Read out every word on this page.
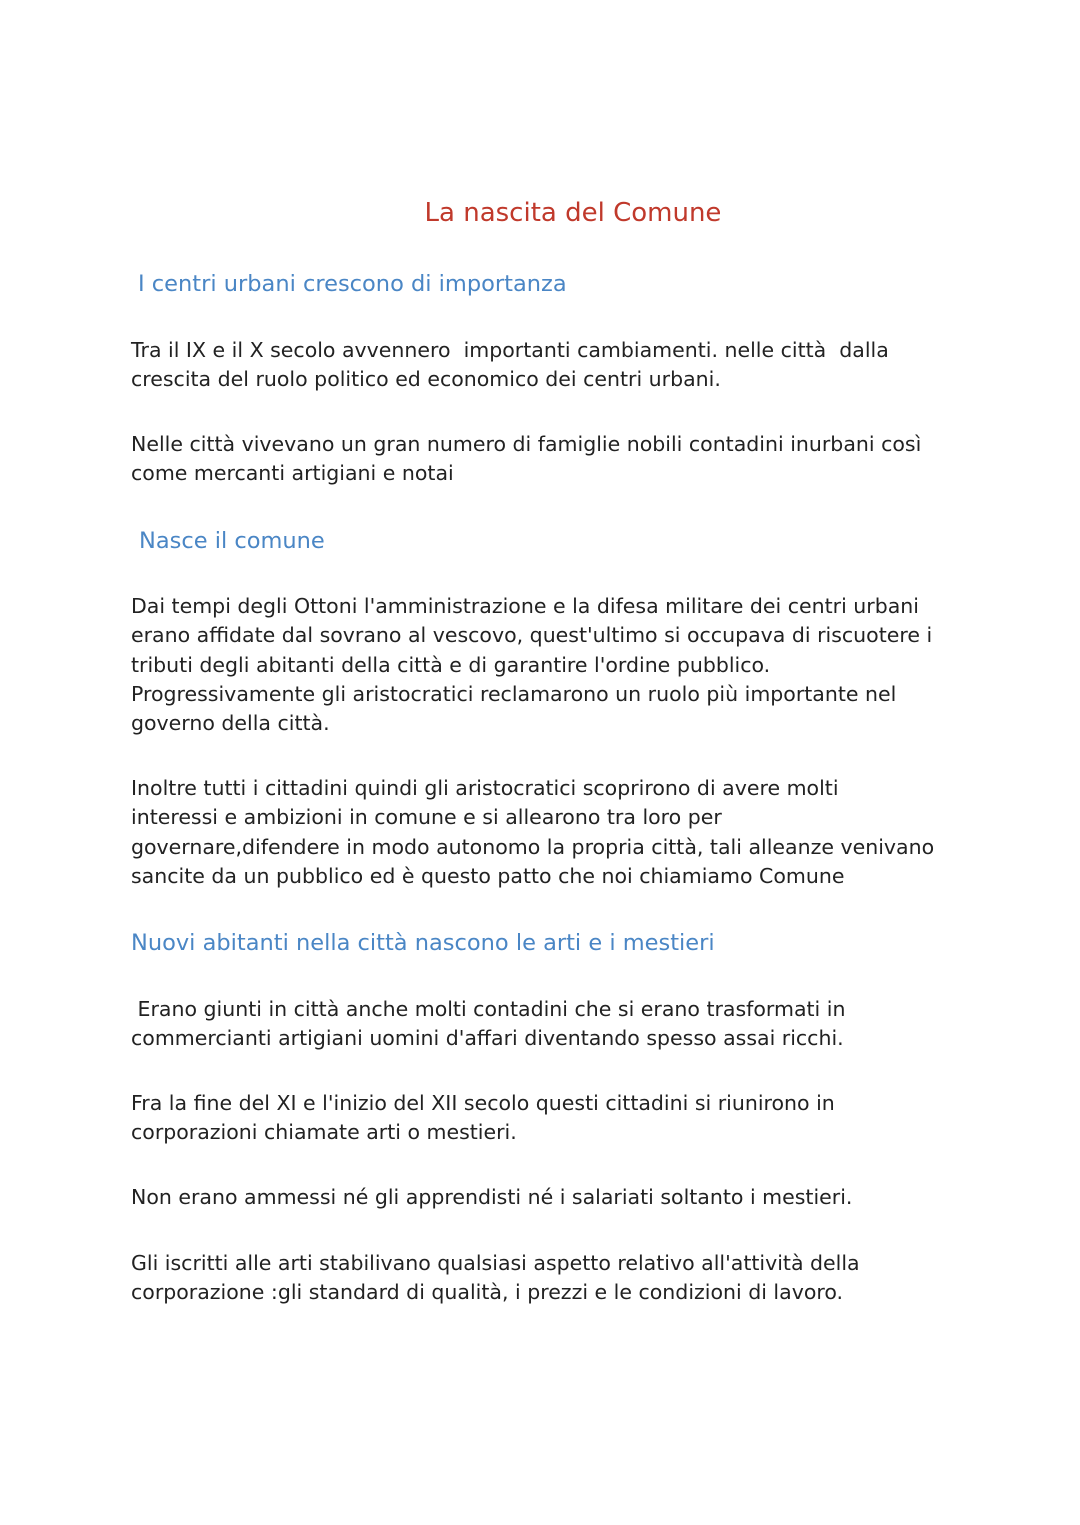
La nascita del Comune
I centri urbani crescono di importanza

Tra il IX e il X secolo avvennero  importanti cambiamenti. nelle città  dalla
crescita del ruolo politico ed economico dei centri urbani.

Nelle città vivevano un gran numero di famiglie nobili contadini inurbani così
come mercanti artigiani e notai

Nasce il comune

Dai tempi degli Ottoni l'amministrazione e la difesa militare dei centri urbani
erano affidate dal sovrano al vescovo, quest'ultimo si occupava di riscuotere i
tributi degli abitanti della città e di garantire l'ordine pubblico.
Progressivamente gli aristocratici reclamarono un ruolo più importante nel
governo della città.

Inoltre tutti i cittadini quindi gli aristocratici scoprirono di avere molti
interessi e ambizioni in comune e si allearono tra loro per
governare,difendere in modo autonomo la propria città, tali alleanze venivano
sancite da un pubblico ed è questo patto che noi chiamiamo Comune

Nuovi abitanti nella città nascono le arti e i mestieri

Erano giunti in città anche molti contadini che si erano trasformati in
commercianti artigiani uomini d'affari diventando spesso assai ricchi.

Fra la fine del XI e l'inizio del XII secolo questi cittadini si riunirono in
corporazioni chiamate arti o mestieri.

Non erano ammessi né gli apprendisti né i salariati soltanto i mestieri.

Gli iscritti alle arti stabilivano qualsiasi aspetto relativo all'attività della
corporazione :gli standard di qualità, i prezzi e le condizioni di lavoro.
